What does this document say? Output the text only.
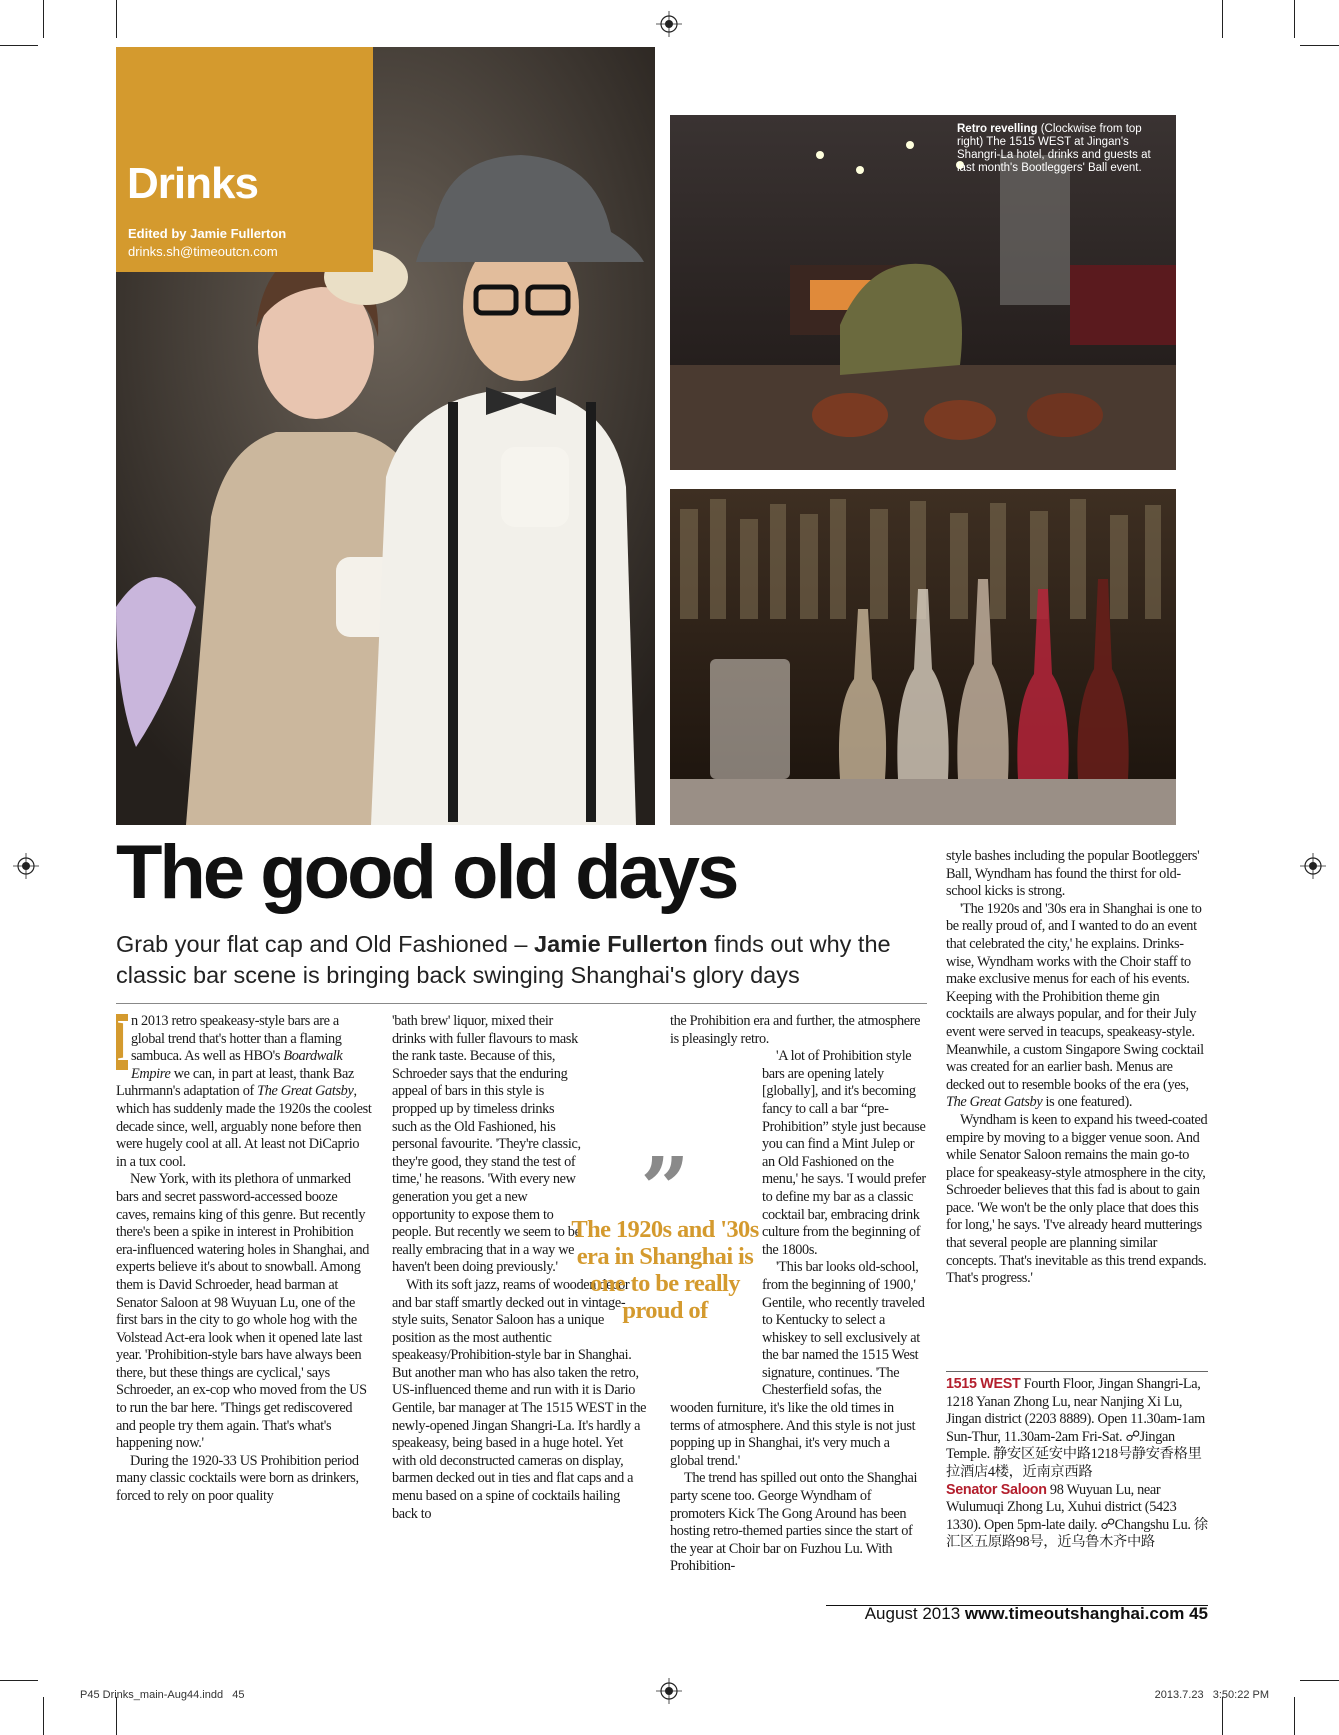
Drinks
Edited by Jamie Fullerton
drinks.sh@timeoutcn.com
Retro revelling (Clockwise from top right) The 1515 WEST at Jingan's Shangri-La hotel, drinks and guests at last month's Bootleggers' Ball event.
The good old days
Grab your flat cap and Old Fashioned – Jamie Fullerton finds out why the classic bar scene is bringing back swinging Shanghai's glory days

I
n 2013 retro speakeasy-style bars are a global trend that's hotter than a flaming sambuca. As well as HBO's Boardwalk Empire we can, in part at least, thank Baz Luhrmann's adaptation of The Great Gatsby, which has suddenly made the 1920s the coolest decade since, well, arguably none before then were hugely cool at all. At least not DiCaprio in a tux cool.

New York, with its plethora of unmarked bars and secret password-accessed booze caves, remains king of this genre. But recently there's been a spike in interest in Prohibition era-influenced watering holes in Shanghai, and experts believe it's about to snowball. Among them is David Schroeder, head barman at Senator Saloon at 98 Wuyuan Lu, one of the first bars in the city to go whole hog with the Volstead Act-era look when it opened late last year. 'Prohibition-style bars have always been there, but these things are cyclical,' says Schroeder, an ex-cop who moved from the US to run the bar here. 'Things get rediscovered and people try them again. That's what's happening now.'

During the 1920-33 US Prohibition period many classic cocktails were born as drinkers, forced to rely on poor quality

'bath brew' liquor, mixed their drinks with fuller flavours to mask the rank taste. Because of this, Schroeder says that the enduring appeal of bars in this style is propped up by timeless drinks such as the Old Fashioned, his personal favourite. 'They're classic, they're good, they stand the test of time,' he reasons. 'With every new generation you get a new opportunity to expose them to people. But recently we seem to be really embracing that in a way we haven't been doing previously.'

With its soft jazz, reams of wooden decor and bar staff smartly decked out in vintage-style suits, Senator Saloon has a unique position as the most authentic speakeasy/Prohibition-style bar in Shanghai. But another man who has also taken the retro, US-influenced theme and run with it is Dario Gentile, bar manager at The 1515 WEST in the newly-opened Jingan Shangri-La. It's hardly a speakeasy, being based in a huge hotel. Yet with old deconstructed cameras on display, barmen decked out in ties and flat caps and a menu based on a spine of cocktails hailing back to

the Prohibition era and further, the atmosphere is pleasingly retro.

'A lot of Prohibition style bars are opening lately [globally], and it's becoming fancy to call a bar “pre-Prohibition” style just because you can find a Mint Julep or an Old Fashioned on the menu,' he says. 'I would prefer to define my bar as a classic cocktail bar, embracing drink culture from the beginning of the 1800s.

'This bar looks old-school, from the beginning of 1900,' Gentile, who recently traveled to Kentucky to select a whiskey to sell exclusively at the bar named the 1515 West signature, continues. 'The Chesterfield sofas, the wooden furniture, it's like the old times in terms of atmosphere. And this style is not just popping up in Shanghai, it's very much a global trend.'

The trend has spilled out onto the Shanghai party scene too. George Wyndham of promoters Kick The Gong Around has been hosting retro-themed parties since the start of the year at Choir bar on Fuzhou Lu. With Prohibition-

”
The 1920s and '30s era in Shanghai is one to be really proud of

style bashes including the popular Bootleggers' Ball, Wyndham has found the thirst for old-school kicks is strong.

'The 1920s and '30s era in Shanghai is one to be really proud of, and I wanted to do an event that celebrated the city,' he explains. Drinks-wise, Wyndham works with the Choir staff to make exclusive menus for each of his events. Keeping with the Prohibition theme gin cocktails are always popular, and for their July event were served in teacups, speakeasy-style. Meanwhile, a custom Singapore Swing cocktail was created for an earlier bash. Menus are decked out to resemble books of the era (yes, The Great Gatsby is one featured).

Wyndham is keen to expand his tweed-coated empire by moving to a bigger venue soon. And while Senator Saloon remains the main go-to place for speakeasy-style atmosphere in the city, Schroeder believes that this fad is about to gain pace. 'We won't be the only place that does this for long,' he says. 'I've already heard mutterings that several people are planning similar concepts. That's inevitable as this trend expands. That's progress.'

1515 WEST Fourth Floor, Jingan Shangri-La, 1218 Yanan Zhong Lu, near Nanjing Xi Lu, Jingan district (2203 8889). Open 11.30am-1am Sun-Thur, 11.30am-2am Fri-Sat. ☍Jingan Temple. 静安区延安中路1218号静安香格里拉酒店4楼，近南京西路
Senator Saloon 98 Wuyuan Lu, near Wulumuqi Zhong Lu, Xuhui district (5423 1330). Open 5pm-late daily. ☍Changshu Lu. 徐汇区五原路98号，近乌鲁木齐中路
August 2013 www.timeoutshanghai.com 45
P45 Drinks_main-Aug44.indd   45	2013.7.23   3:50:22 PM
